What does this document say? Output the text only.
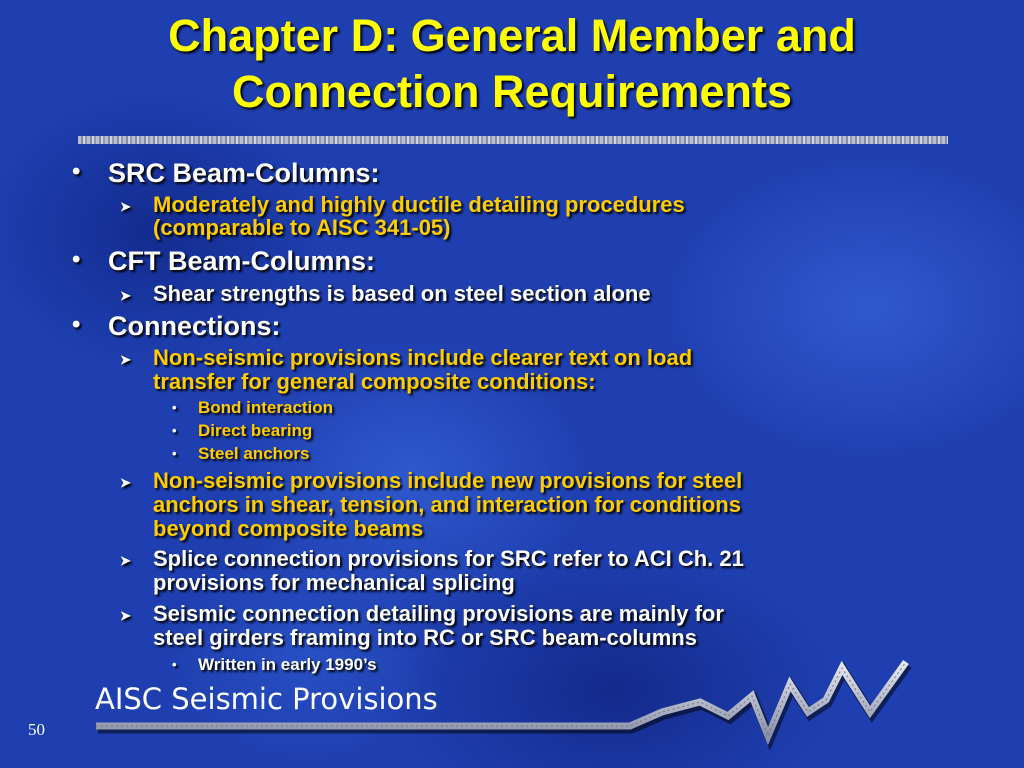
Chapter D: General Member and
Connection Requirements
• SRC Beam-Columns:

➤ Moderately and highly ductile detailing procedures

(comparable to AISC 341-05)

• CFT Beam-Columns:

➤ Shear strengths is based on steel section alone

• Connections:

➤ Non-seismic provisions include clearer text on load

transfer for general composite conditions:

• Bond interaction

• Direct bearing

• Steel anchors

➤ Non-seismic provisions include new provisions for steel

anchors in shear, tension, and interaction for conditions

beyond composite beams

➤ Splice connection provisions for SRC refer to ACI Ch. 21

provisions for mechanical splicing

➤ Seismic connection detailing provisions are mainly for

steel girders framing into RC or SRC beam-columns

• Written in early 1990’s

AISC Seismic Provisions
50
